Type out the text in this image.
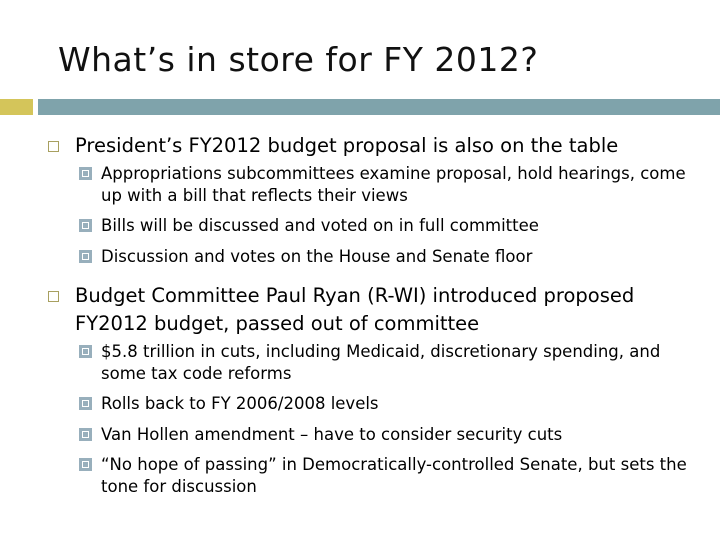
What’s in store for FY 2012?
President’s FY2012 budget proposal is also on the table
Appropriations subcommittees examine proposal, hold hearings, come up with a bill that reflects their views
Bills will be discussed and voted on in full committee
Discussion and votes on the House and Senate floor
Budget Committee Paul Ryan (R-WI) introduced proposed FY2012 budget, passed out of committee
$5.8 trillion in cuts, including Medicaid, discretionary spending, and some tax code reforms
Rolls back to FY 2006/2008 levels
Van Hollen amendment – have to consider security cuts
“No hope of passing” in Democratically-controlled Senate, but sets the tone for discussion
